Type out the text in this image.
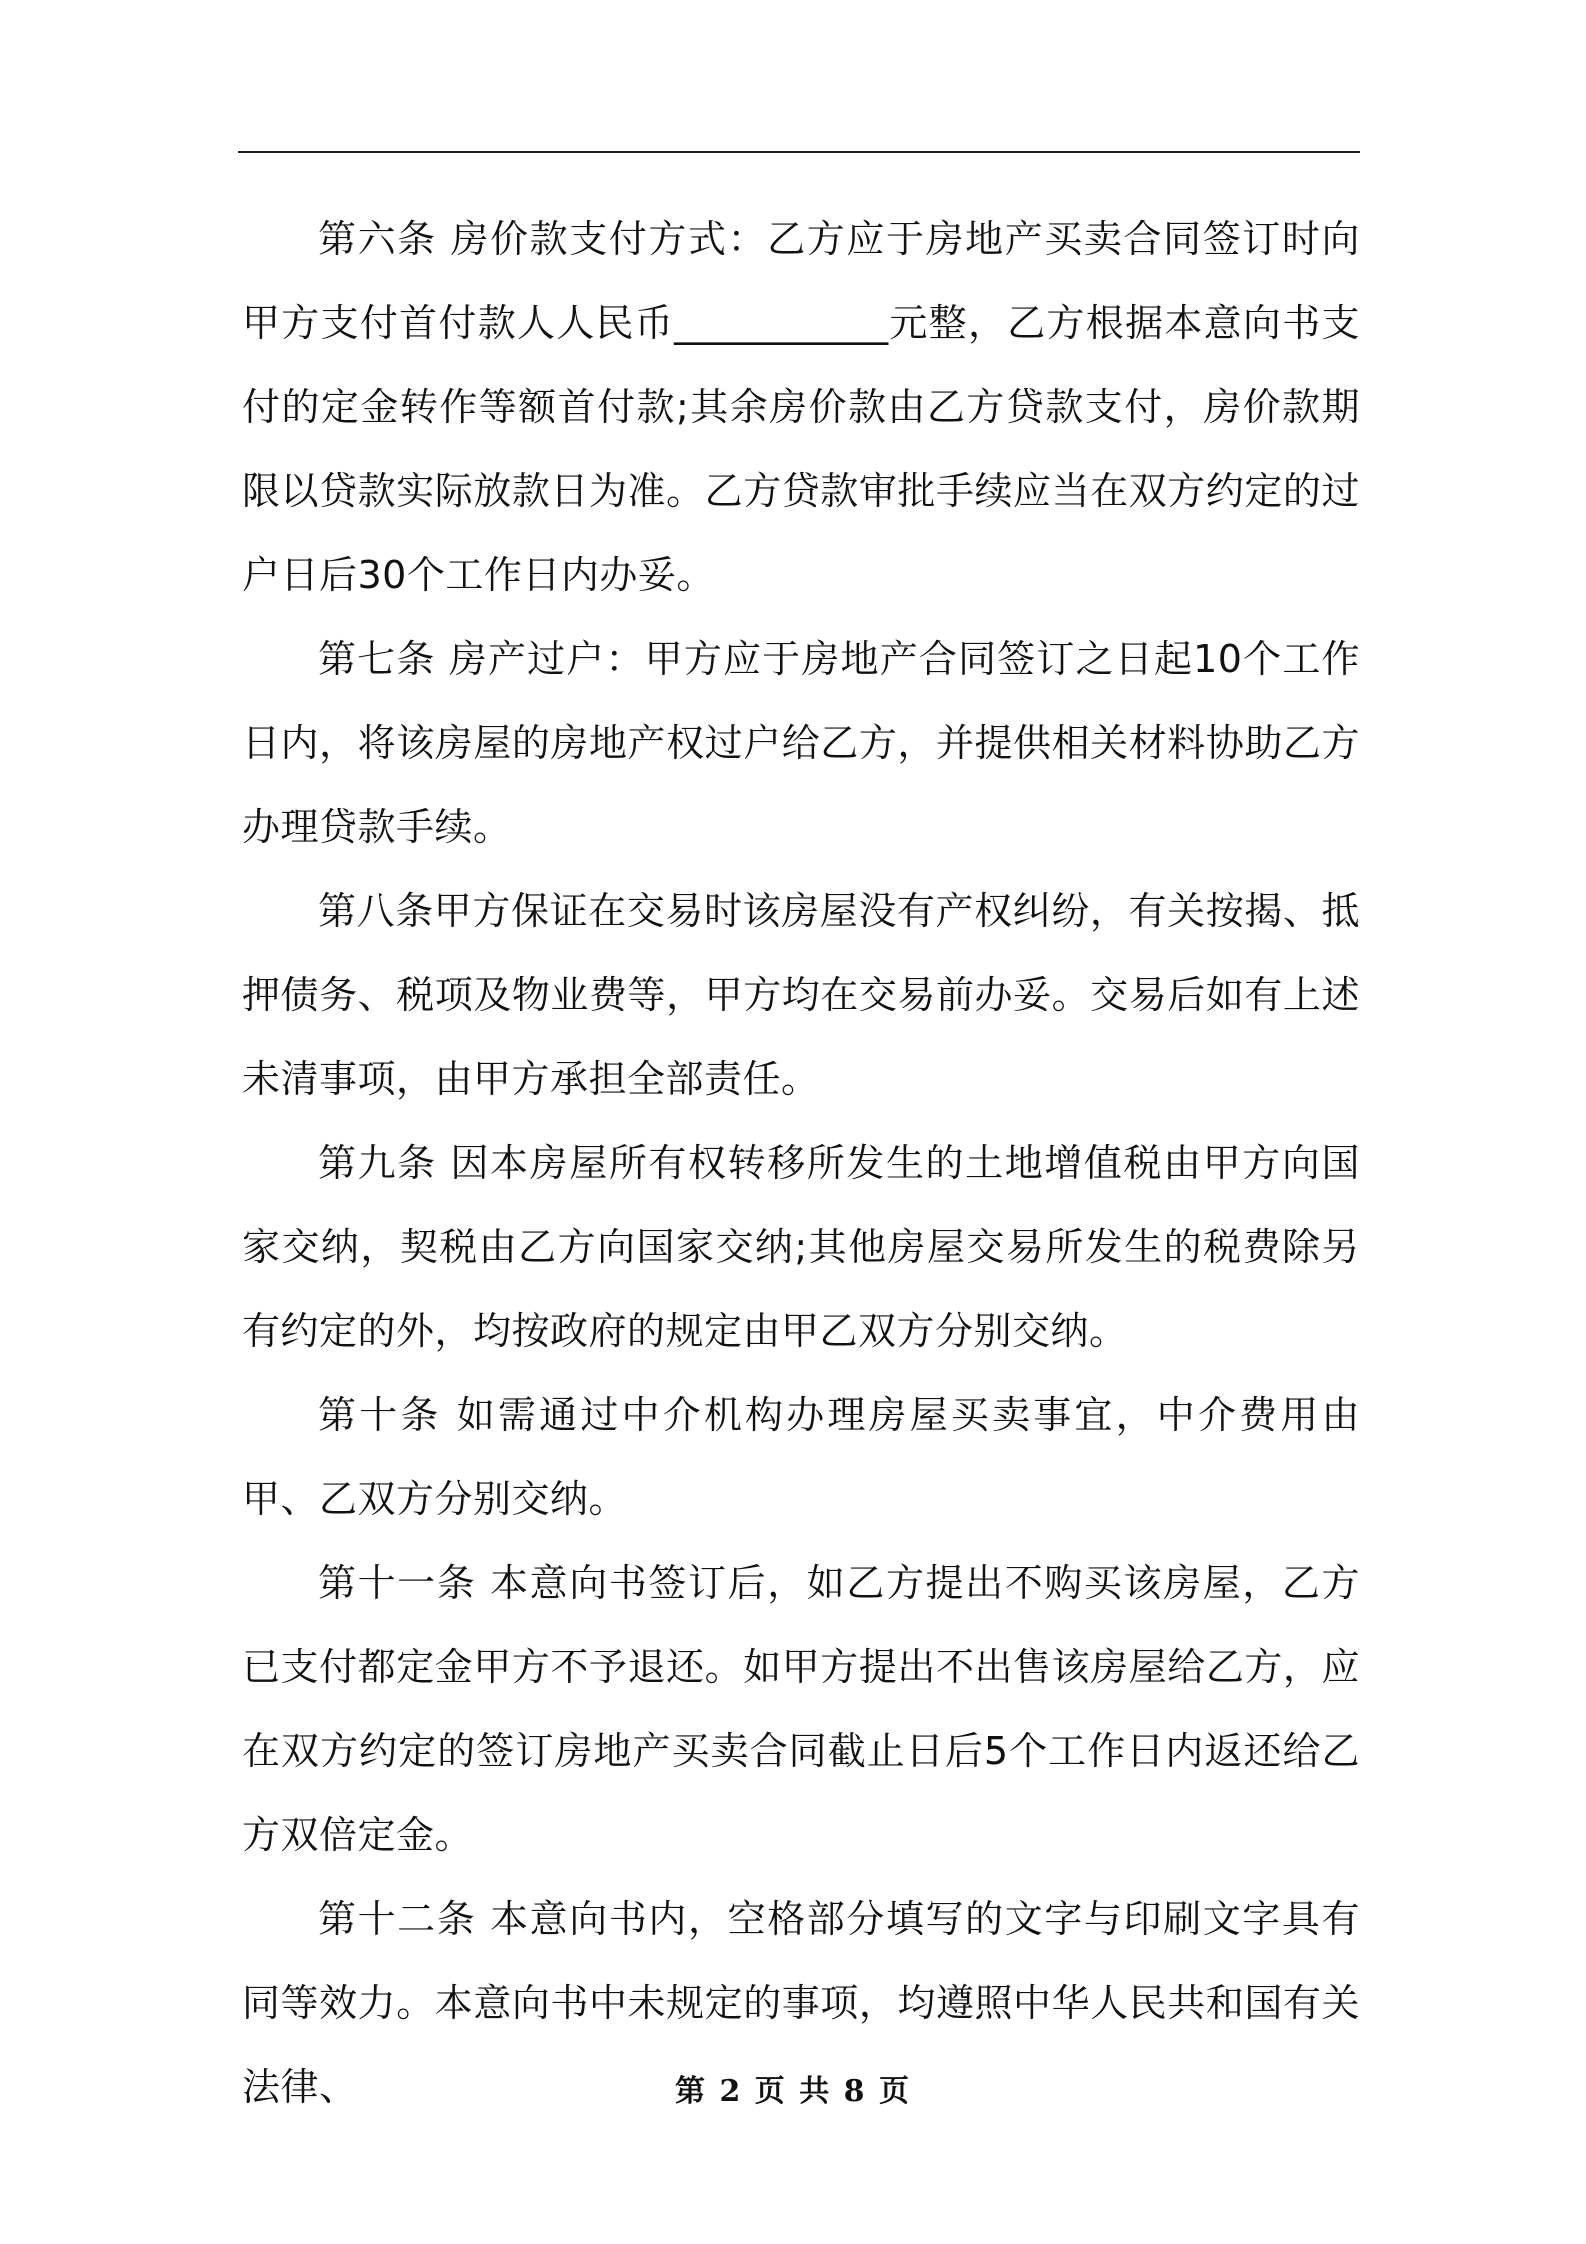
第六条 房价款支付方式：乙方应于房地产买卖合同签订时向甲方支付首付款人人民币___________元整，乙方根据本意向书支付的定金转作等额首付款;其余房价款由乙方贷款支付，房价款期限以贷款实际放款日为准。乙方贷款审批手续应当在双方约定的过户日后30个工作日内办妥。

第七条 房产过户：甲方应于房地产合同签订之日起10个工作日内，将该房屋的房地产权过户给乙方，并提供相关材料协助乙方办理贷款手续。

第八条甲方保证在交易时该房屋没有产权纠纷，有关按揭、抵押债务、税项及物业费等，甲方均在交易前办妥。交易后如有上述未清事项，由甲方承担全部责任。

第九条 因本房屋所有权转移所发生的土地增值税由甲方向国家交纳，契税由乙方向国家交纳;其他房屋交易所发生的税费除另有约定的外，均按政府的规定由甲乙双方分别交纳。

第十条 如需通过中介机构办理房屋买卖事宜，中介费用由甲、乙双方分别交纳。

第十一条 本意向书签订后，如乙方提出不购买该房屋，乙方已支付都定金甲方不予退还。如甲方提出不出售该房屋给乙方，应在双方约定的签订房地产买卖合同截止日后5个工作日内返还给乙方双倍定金。

第十二条 本意向书内，空格部分填写的文字与印刷文字具有同等效力。本意向书中未规定的事项，均遵照中华人民共和国有关法律、	第 2 页 共 8 页
